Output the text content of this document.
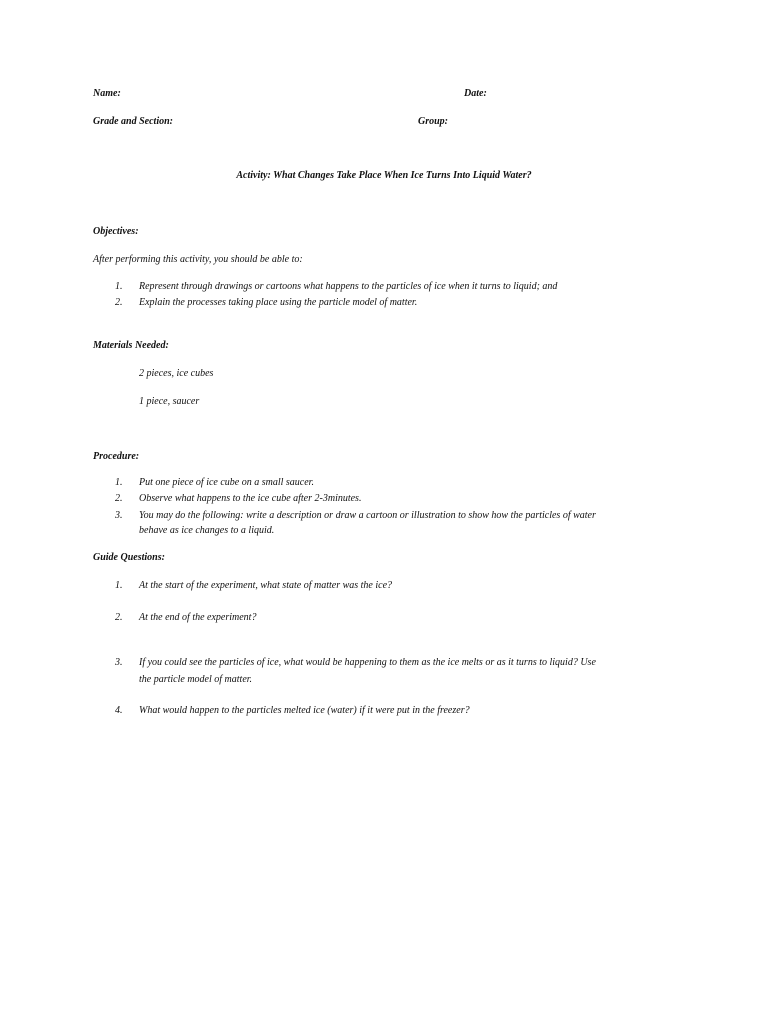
Name:	Date:
Grade and Section:	Group:
Activity: What Changes Take Place When Ice Turns Into Liquid Water?
Objectives:
After performing this activity, you should be able to:
1.	Represent through drawings or cartoons what happens to the particles of ice when it turns to liquid; and
2.	Explain the processes taking place using the particle model of matter.
Materials Needed:
2 pieces, ice cubes
1 piece, saucer
Procedure:
1.	Put one piece of ice cube on a small saucer.
2.	Observe what happens to the ice cube after 2-3minutes.
3.	You may do the following: write a description or draw a cartoon or illustration to show how the particles of water
behave as ice changes to a liquid.
Guide Questions:
1.	At the start of the experiment, what state of matter was the ice?
2.	At the end of the experiment?
3.	If you could see the particles of ice, what would be happening to them as the ice melts or as it turns to liquid? Use
the particle model of matter.
4.	What would happen to the particles melted ice (water) if it were put in the freezer?
